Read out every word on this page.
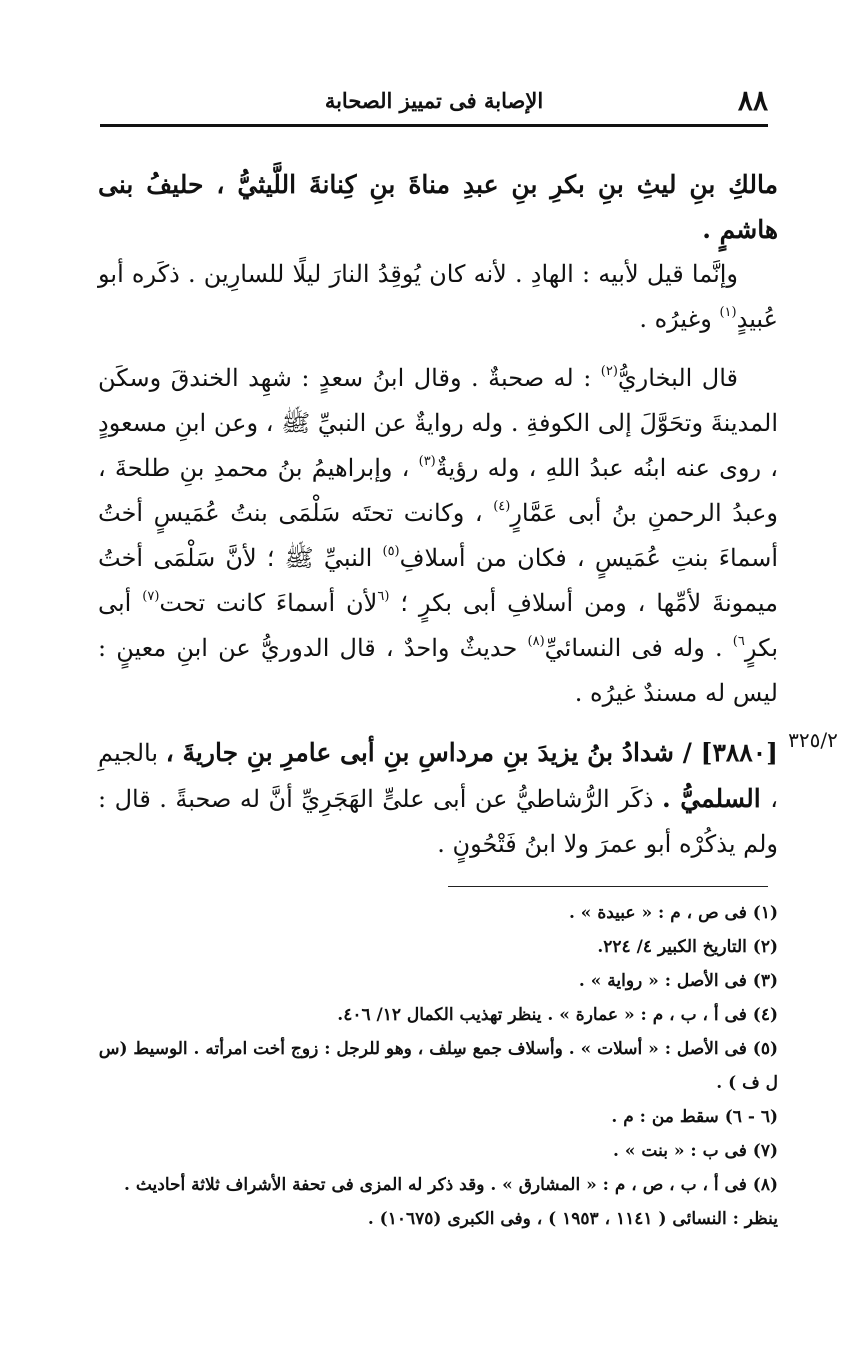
٨٨
الإصابة فى تمييز الصحابة

مالكِ بنِ ليثِ بنِ بكرِ بنِ عبدِ مناةَ بنِ كِنانةَ اللَّيثيُّ ، حليفُ بنى هاشمٍ .

وإنَّما قيل لأبيه : الهادِ . لأنه كان يُوقِدُ النارَ ليلًا للسارِين . ذكَره أبو عُبيدٍ$^{(١)}$ وغيرُه .

قال البخاريُّ$^{(٢)}$ : له صحبةٌ . وقال ابنُ سعدٍ : شهِد الخندقَ وسكَن المدينةَ وتحَوَّلَ إلى الكوفةِ . وله روايةٌ عن النبيِّ ﷺ ، وعن ابنِ مسعودٍ ، روى عنه ابنُه عبدُ اللهِ ، وله رؤيةٌ$^{(٣)}$ ، وإبراهيمُ بنُ محمدِ بنِ طلحةَ ، وعبدُ الرحمنِ بنُ أبى عَمَّارٍ$^{(٤)}$ ، وكانت تحتَه سَلْمَى بنتُ عُمَيسٍ أختُ أسماءَ بنتِ عُمَيسٍ ، فكان من أسلافِ$^{(٥)}$ النبيِّ ﷺ ؛ لأنَّ سَلْمَى أختُ ميمونةَ لأمِّها ، ومن أسلافِ أبى بكرٍ ؛ $^{(٦}$لأن أسماءَ كانت تحت$^{(٧)}$ أبى بكرٍ$^{٦)}$ . وله فى النسائيِّ$^{(٨)}$ حديثٌ واحدٌ ، قال الدوريُّ عن ابنِ معينٍ : ليس له مسندٌ غيرُه .

[٣٨٨٠] / شدادُ بنُ يزيدَ بنِ مرداسِ بنِ أبى عامرِ بنِ جاريةَ ، بالجيمِ ، السلميُّ . ذكَر الرُّشاطيُّ عن أبى علىٍّ الهَجَرِيِّ أنَّ له صحبةً . قال : ولم يذكُرْه أبو عمرَ ولا ابنُ فَتْحُونٍ .

٣٢٥/٢

(١) فى ص ، م : « عبيدة » .

(٢) التاريخ الكبير ٤/ ٢٢٤.

(٣) فى الأصل : « رواية » .

(٤) فى أ ، ب ، م : « عمارة » . ينظر تهذيب الكمال ١٢/ ٤٠٦.

(٥) فى الأصل : « أسلات » . وأسلاف جمع سِلف ، وهو للرجل : زوج أخت امرأته . الوسيط (س ل ف ) .

(٦ - ٦) سقط من : م .

(٧) فى ب : « بنت » .

(٨) فى أ ، ب ، ص ، م : « المشارق » . وقد ذكر له المزى فى تحفة الأشراف ثلاثة أحاديث . ينظر : النسائى ( ١١٤١ ، ١٩٥٣ ) ، وفى الكبرى (١٠٦٧٥) .
